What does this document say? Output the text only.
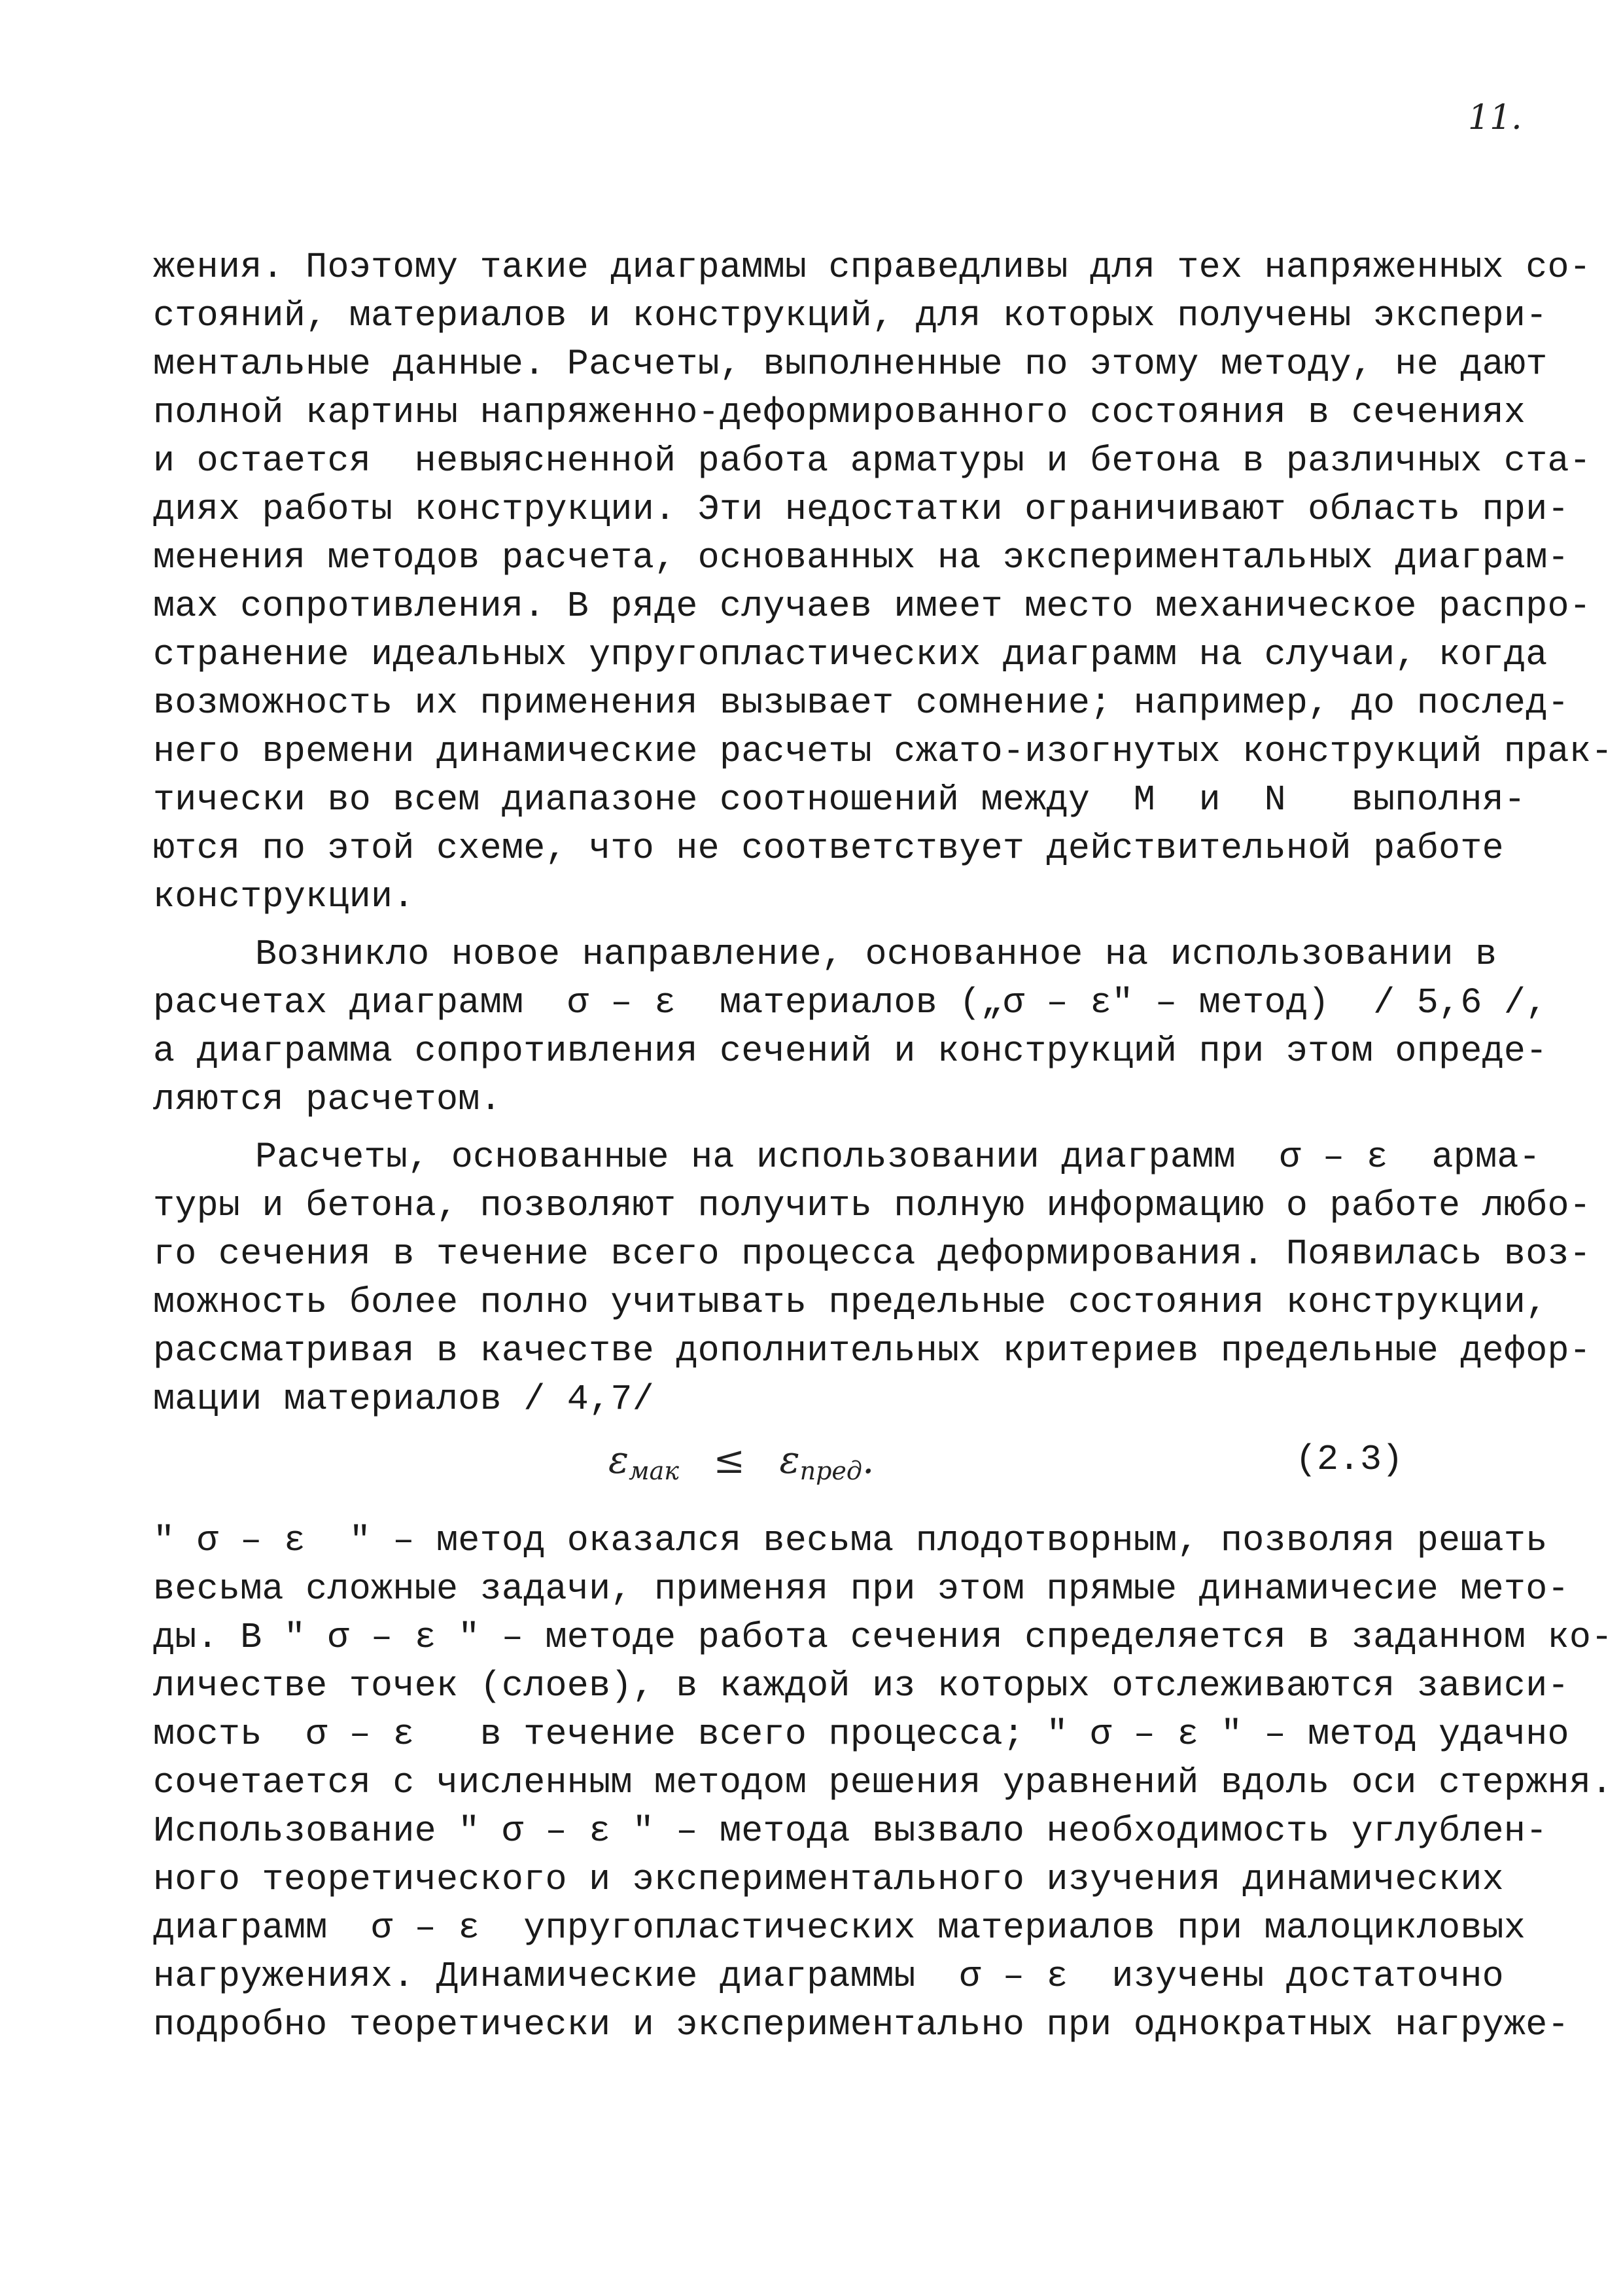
11.
жения. Поэтому такие диаграммы справедливы для тех напряженных со-
стояний, материалов и конструкций, для которых получены экспери-
ментальные данные. Расчеты, выполненные по этому методу, не дают
полной картины напряженно-деформированного состояния в сечениях
и остается  невыясненной работа арматуры и бетона в различных ста-
диях работы конструкции. Эти недостатки ограничивают область при-
менения методов расчета, основанных на экспериментальных диаграм-
мах сопротивления. В ряде случаев имеет место механическое распро-
странение идеальных упругопластических диаграмм на случаи, когда
возможность их применения вызывает сомнение; например, до послед-
него времени динамические расчеты сжато-изогнутых конструкций прак-
тически во всем диапазоне соотношений между  М  и  N   выполня-
ются по этой схеме, что не соответствует действительной работе
конструкции.
Возникло новое направление, основанное на использовании в
расчетах диаграмм  σ – ε  материалов („σ – ε" – метод)  / 5,6 /,
а диаграмма сопротивления сечений и конструкций при этом опреде-
ляются расчетом.
Расчеты, основанные на использовании диаграмм  σ – ε  арма-
туры и бетона, позволяют получить полную информацию о работе любо-
го сечения в течение всего процесса деформирования. Появилась воз-
можность более полно учитывать предельные состояния конструкции,
рассматривая в качестве дополнительных критериев предельные дефор-
мации материалов / 4,7/
$\varepsilon_{мак} \le \varepsilon_{пред}$.	(2.3)
" σ – ε  " – метод оказался весьма плодотворным, позволяя решать
весьма сложные задачи, применяя при этом прямые динамичесие мето-
ды. В " σ – ε " – методе работа сечения спределяется в заданном ко-
личестве точек (слоев), в каждой из которых отслеживаются зависи-
мость  σ – ε   в течение всего процесса; " σ – ε " – метод удачно
сочетается с численным методом решения уравнений вдоль оси стержня.
Использование " σ – ε " – метода вызвало необходимость углублен-
ного теоретического и экспериментального изучения динамических
диаграмм  σ – ε  упругопластических материалов при малоцикловых
нагружениях. Динамические диаграммы  σ – ε  изучены достаточно
подробно теоретически и экспериментально при однократных нагруже-
